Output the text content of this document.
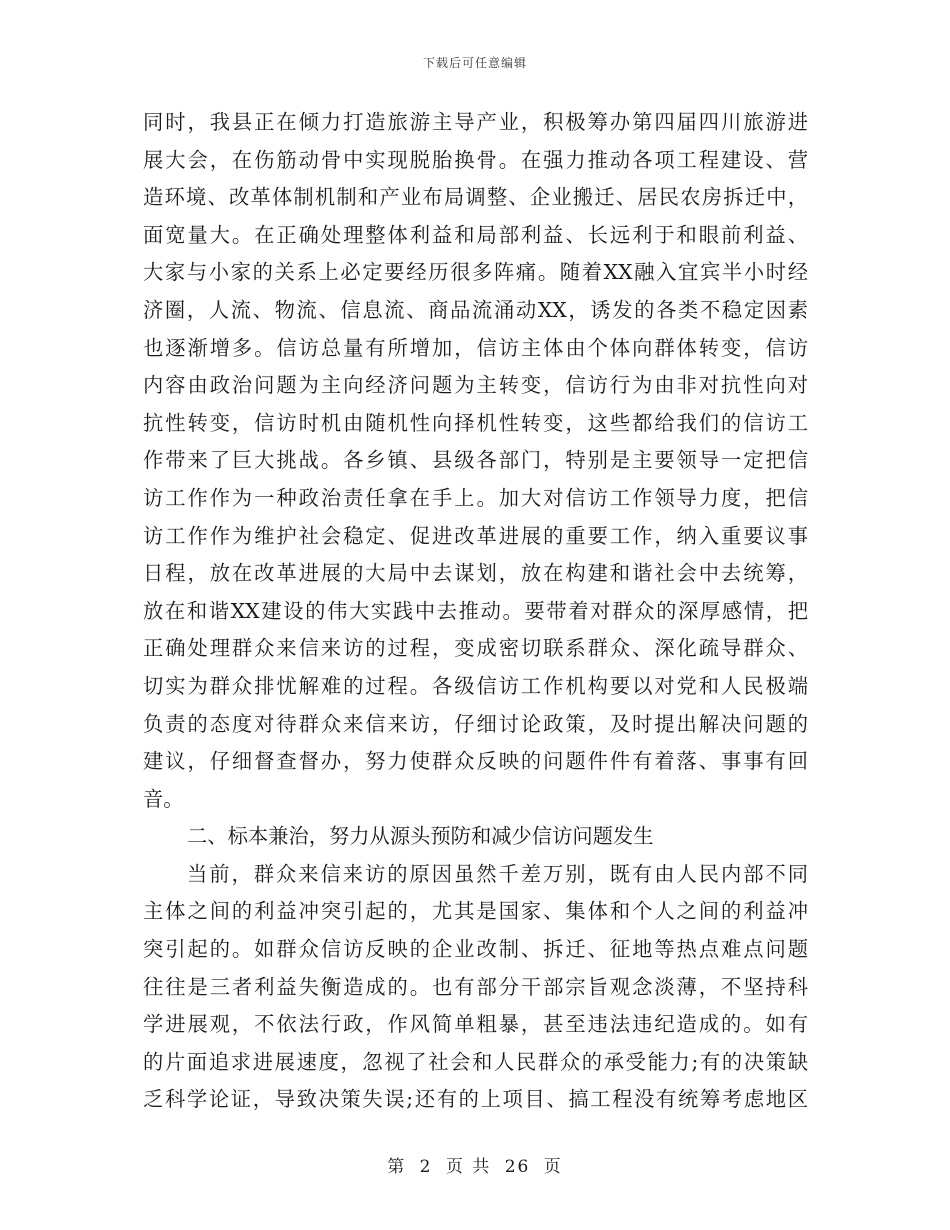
下载后可任意编辑
同时，我县正在倾力打造旅游主导产业，积极筹办第四届四川旅游进
展大会，在伤筋动骨中实现脱胎换骨。在强力推动各项工程建设、营
造环境、改革体制机制和产业布局调整、企业搬迁、居民农房拆迁中，
面宽量大。在正确处理整体利益和局部利益、长远利于和眼前利益、
大家与小家的关系上必定要经历很多阵痛。随着XX融入宜宾半小时经
济圈，人流、物流、信息流、商品流涌动XX，诱发的各类不稳定因素
也逐渐增多。信访总量有所增加，信访主体由个体向群体转变，信访
内容由政治问题为主向经济问题为主转变，信访行为由非对抗性向对
抗性转变，信访时机由随机性向择机性转变，这些都给我们的信访工
作带来了巨大挑战。各乡镇、县级各部门，特别是主要领导一定把信
访工作作为一种政治责任拿在手上。加大对信访工作领导力度，把信
访工作作为维护社会稳定、促进改革进展的重要工作，纳入重要议事
日程，放在改革进展的大局中去谋划，放在构建和谐社会中去统筹，
放在和谐XX建设的伟大实践中去推动。要带着对群众的深厚感情，把
正确处理群众来信来访的过程，变成密切联系群众、深化疏导群众、
切实为群众排忧解难的过程。各级信访工作机构要以对党和人民极端
负责的态度对待群众来信来访，仔细讨论政策，及时提出解决问题的
建议，仔细督查督办，努力使群众反映的问题件件有着落、事事有回
音。
二、标本兼治，努力从源头预防和减少信访问题发生
当前，群众来信来访的原因虽然千差万别，既有由人民内部不同
主体之间的利益冲突引起的，尤其是国家、集体和个人之间的利益冲
突引起的。如群众信访反映的企业改制、拆迁、征地等热点难点问题
往往是三者利益失衡造成的。也有部分干部宗旨观念淡薄，不坚持科
学进展观，不依法行政，作风简单粗暴，甚至违法违纪造成的。如有
的片面追求进展速度，忽视了社会和人民群众的承受能力;有的决策缺
乏科学论证，导致决策失误;还有的上项目、搞工程没有统筹考虑地区
第 2 页 共 26 页
